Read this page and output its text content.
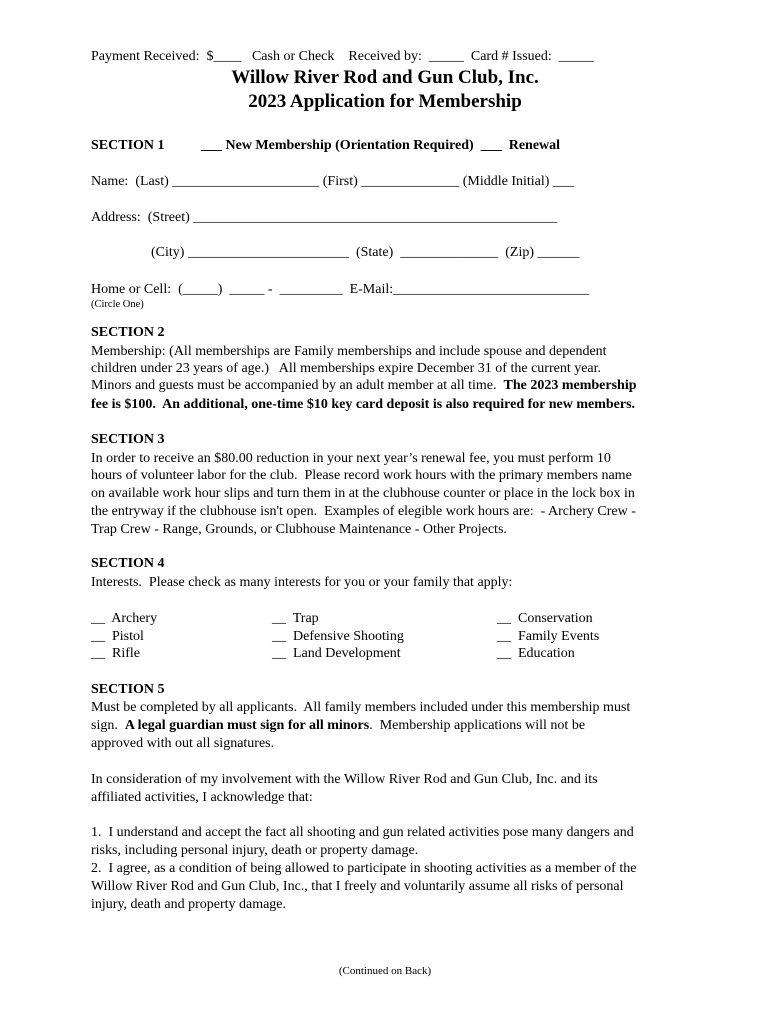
Payment Received:  $____   Cash or Check    Received by:  _____  Card # Issued:  _____
Willow River Rod and Gun Club, Inc.
2023 Application for Membership
SECTION 1	___ New Membership (Orientation Required)  ___  Renewal
Name:  (Last) _____________________ (First) ______________ (Middle Initial) ___
Address:  (Street) ____________________________________________________
(City) _______________________  (State)  ______________  (Zip) ______
Home or Cell:  (_____)  _____ -  _________  E-Mail:____________________________
(Circle One)
SECTION 2
Membership: (All memberships are Family memberships and include spouse and dependent
children under 23 years of age.)   All memberships expire December 31 of the current year.
Minors and guests must be accompanied by an adult member at all time.  The 2023 membership
fee is $100.  An additional, one-time $10 key card deposit is also required for new members.
SECTION 3
In order to receive an $80.00 reduction in your next year’s renewal fee, you must perform 10
hours of volunteer labor for the club.  Please record work hours with the primary members name
on available work hour slips and turn them in at the clubhouse counter or place in the lock box in
the entryway if the clubhouse isn't open.  Examples of elegible work hours are:  - Archery Crew -
Trap Crew - Range, Grounds, or Clubhouse Maintenance - Other Projects.
SECTION 4
Interests.  Please check as many interests for you or your family that apply:
__  Archery
__  Pistol
__  Rifle
__  Trap
__  Defensive Shooting
__  Land Development
__  Conservation
__  Family Events
__  Education
SECTION 5
Must be completed by all applicants.  All family members included under this membership must
sign.  A legal guardian must sign for all minors.  Membership applications will not be
approved with out all signatures.
In consideration of my involvement with the Willow River Rod and Gun Club, Inc. and its
affiliated activities, I acknowledge that:
1.  I understand and accept the fact all shooting and gun related activities pose many dangers and
risks, including personal injury, death or property damage.
2.  I agree, as a condition of being allowed to participate in shooting activities as a member of the
Willow River Rod and Gun Club, Inc., that I freely and voluntarily assume all risks of personal
injury, death and property damage.
(Continued on Back)
